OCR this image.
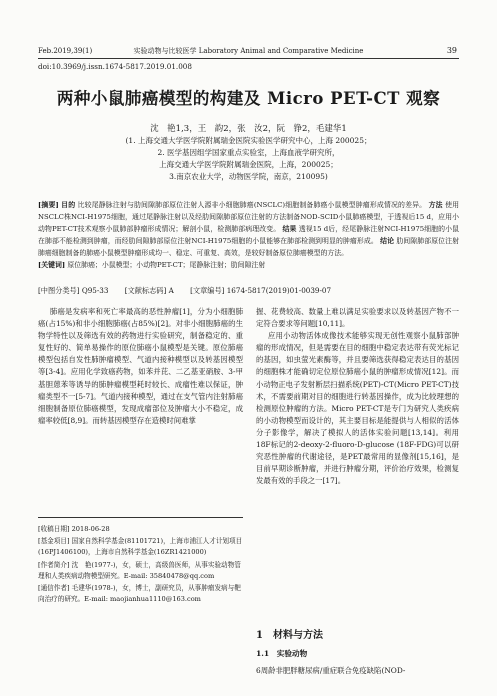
Feb.2019,39(1)	实验动物与比较医学 Laboratory Animal and Comparative Medicine	39
doi:10.3969/j.issn.1674-5817.2019.01.008
两种小鼠肺癌模型的构建及 Micro PET-CT 观察
沈　艳1,3，王　韵2，张　汝2，阮　铮2，毛建华1
(1. 上海交通大学医学院附属瑞金医院实验医学研究中心，上海 200025；
2. 医学基因组学国家重点实验室，上海血液学研究所，
上海交通大学医学院附属瑞金医院，上海，200025；
3.南京农业大学，动物医学院，南京，210095)

[摘要] 目的 比较尾静脉注射与肋间隙肺部原位注射人源非小细胞肺癌(NSCLC)细胞制备肺癌小鼠模型肿瘤形成情况的差异。 方法 使用NSCLC株NCI-H1975细胞，通过尾静脉注射以及经肋间隙肺部原位注射的方法制备NOD-SCID小鼠肺癌模型，于透视后15 d，应用小动物PET-CT技术观察小鼠肺部肿瘤形成情况；解剖小鼠，检测肺部病理改变。 结果 透视15 d后，经尾静脉注射NCI-H1975细胞的小鼠在肺部不能检测到肿瘤，而经肋间隙肺部原位注射NCI-H1975细胞的小鼠能够在肺部检测到明显的肿瘤形成。 结论 肋间隙肺部原位注射肺癌细胞制备的肺癌小鼠模型肿瘤形成均一、稳定、可重复、高效，是较好制备原位肺癌模型的方法。

[关键词] 原位肺癌；小鼠模型；小动物PET-CT；尾静脉注射；肋间隙注射

[中图分类号] Q95-33 [文献标志码] A [文章编号] 1674-5817(2019)01-0039-07

肺癌是发病率和死亡率最高的恶性肿瘤[1]，分为小细胞肺癌(占15%)和非小细胞肺癌(占85%)[2]。对非小细胞肺癌的生物学特性以及筛选有效的药物进行实验研究，制备稳定的、重复性好的、简单易操作的原位肺癌小鼠模型是关键。原位肺癌模型包括自发性肺肿瘤模型、气道内接种模型以及转基因模型等[3-4]。应用化学致癌药物，如苯并芘、二乙基亚硝胺、3-甲基胆蒽苯等诱导的肺肿瘤模型耗时较长、成瘤性难以保证，肿瘤类型不一[5-7]。气道内接种模型，通过在支气管内注射肺癌细胞制备原位肺癌模型，发现成瘤部位及肿瘤大小不稳定，成瘤率较低[8,9]。而转基因模型存在造模时间难掌

握、花费较高、数量上难以满足实验要求以及转基因产物不一定符合要求等问题[10,11]。

应用小动物活体成像技术能够实现无创性观察小鼠肺部肿瘤的形成情况，但是需要在目的细胞中稳定表达带有荧光标记的基因，如虫萤光素酶等，并且要筛选获得稳定表达目的基因的细胞株才能确切定位原位肺癌小鼠的肿瘤形成情况[12]。而小动物正电子发射断层扫描系统(PET)-CT(Micro PET-CT)技术，不需要前期对目的细胞进行转基因操作，成为比较理想的检测原位肿瘤的方法。Micro PET-CT是专门为研究人类疾病的小动物模型而设计的，其主要目标是能提供与人相似的活体分子影像学，解决了模拟人的活体实验问题[13,14]。利用18F标记的2-deoxy-2-fluoro-D-glucose (18F-FDG)可以研究恶性肿瘤的代谢途径，是PET最常用的显像剂[15,16]，是目前早期诊断肿瘤，并进行肿瘤分期，评价治疗效果，检测复发最有效的手段之一[17]。

[收稿日期] 2018-06-28
[基金项目] 国家自然科学基金(81101721)，上海市浦江人才计划项目(16PJ1406100)，上海市自然科学基金(16ZR1421000)
[作者简介] 沈　艳(1977-)，女，硕士，高级兽医师，从事实验动物管理和人类疾病动物模型研究。E-mail: 35840478@qq.com
[通信作者] 毛建华(1978-)，女，博士，副研究员，从事肿瘤发病与靶向治疗的研究。E-mail: maojianhua1110@163.com
1　材料与方法
1.1　实验动物
6周龄非肥胖糖尿病/重症联合免疫缺陷(NOD-
